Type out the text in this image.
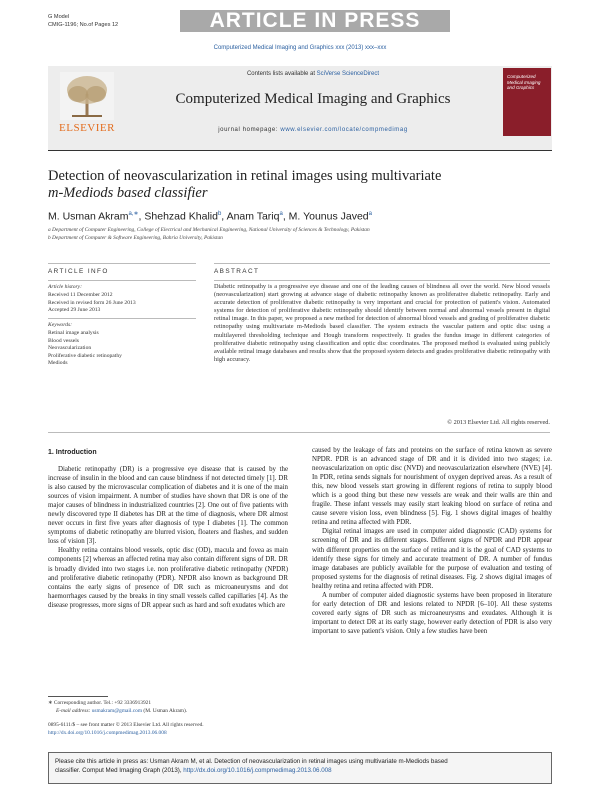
G Model
CMIG-1196; No.of Pages 12	ARTICLE IN PRESS
Computerized Medical Imaging and Graphics xxx (2013) xxx–xxx
ELSEVIER
Contents lists available at SciVerse ScienceDirect
Computerized Medical Imaging and Graphics
journal homepage: www.elsevier.com/locate/compmedimag
Computerized Medical Imaging and Graphics
Detection of neovascularization in retinal images using multivariate
m-Mediods based classifier
M. Usman Akram$^{a,∗}$, Shehzad Khalid$^b$, Anam Tariq$^a$, M. Younus Javed$^a$
a Department of Computer Engineering, College of Electrical and Mechanical Engineering, National University of Sciences & Technology, Pakistan
b Department of Computer & Software Engineering, Bahria University, Pakistan
ARTICLE INFO
Article history:
Received 11 December 2012
Received in revised form 26 June 2013
Accepted 29 June 2013
Keywords:
Retinal image analysis
Blood vessels
Neovascularization
Proliferative diabetic retinopathy
Mediods
ABSTRACT
Diabetic retinopathy is a progressive eye disease and one of the leading causes of blindness all over the world. New blood vessels (neovascularization) start growing at advance stage of diabetic retinopathy known as proliferative diabetic retinopathy. Early and accurate detection of proliferative diabetic retinopathy is very important and crucial for protection of patient's vision. Automated systems for detection of proliferative diabetic retinopathy should identify between normal and abnormal vessels present in digital retinal image. In this paper, we proposed a new method for detection of abnormal blood vessels and grading of proliferative diabetic retinopathy using multivariate m-Mediods based classifier. The system extracts the vascular pattern and optic disc using a multilayered thresholding technique and Hough transform respectively. It grades the fundus image in different categories of proliferative diabetic retinopathy using classification and optic disc coordinates. The proposed method is evaluated using publicly available retinal image databases and results show that the proposed system detects and grades proliferative diabetic retinopathy with high accuracy.
© 2013 Elsevier Ltd. All rights reserved.
1. Introduction

Diabetic retinopathy (DR) is a progressive eye disease that is caused by the increase of insulin in the blood and can cause blindness if not detected timely [1]. DR is also caused by the microvascular complication of diabetes and it is one of the main sources of vision impairment. A number of studies have shown that DR is one of the major causes of blindness in industrialized countries [2]. One out of five patients with newly discovered type II diabetes has DR at the time of diagnosis, where DR almost never occurs in first five years after diagnosis of type I diabetes [1]. The common symptoms of diabetic retinopathy are blurred vision, floaters and flashes, and sudden loss of vision [3].

Healthy retina contains blood vessels, optic disc (OD), macula and fovea as main components [2] whereas an affected retina may also contain different signs of DR. DR is broadly divided into two stages i.e. non proliferative diabetic retinopathy (NPDR) and proliferative diabetic retinopathy (PDR). NPDR also known as background DR contains the early signs of presence of DR such as microaneurysms and dot haemorrhages caused by the breaks in tiny small vessels called capillaries [4]. As the disease progresses, more signs of DR appear such as hard and soft exudates which are

caused by the leakage of fats and proteins on the surface of retina known as severe NPDR. PDR is an advanced stage of DR and it is divided into two stages; i.e. neovascularization on optic disc (NVD) and neovascularization elsewhere (NVE) [4]. In PDR, retina sends signals for nourishment of oxygen deprived areas. As a result of this, new blood vessels start growing in different regions of retina to supply blood which is a good thing but these new vessels are weak and their walls are thin and fragile. These infant vessels may easily start leaking blood on surface of retina and cause severe vision loss, even blindness [5]. Fig. 1 shows digital images of healthy retina and retina affected with PDR.

Digital retinal images are used in computer aided diagnostic (CAD) systems for screening of DR and its different stages. Different signs of NPDR and PDR appear with different properties on the surface of retina and it is the goal of CAD systems to identify these signs for timely and accurate treatment of DR. A number of fundus image databases are publicly available for the purpose of evaluation and testing of proposed systems for the diagnosis of retinal diseases. Fig. 2 shows digital images of healthy retina and retina affected with PDR.

A number of computer aided diagnostic systems have been proposed in literature for early detection of DR and lesions related to NPDR [6–10]. All these systems covered early signs of DR such as microaneurysms and exudates. Although it is important to detect DR at its early stage, however early detection of PDR is also very important to save patient's vision. Only a few studies have been

∗ Corresponding author. Tel.: +92 3336913921
E-mail address: usmakram@gmail.com (M. Usman Akram).
0895-6111/$ – see front matter © 2013 Elsevier Ltd. All rights reserved.
http://dx.doi.org/10.1016/j.compmedimag.2013.06.008
Please cite this article in press as: Usman Akram M, et al. Detection of neovascularization in retinal images using multivariate m-Mediods based
classifier. Comput Med Imaging Graph (2013), http://dx.doi.org/10.1016/j.compmedimag.2013.06.008
